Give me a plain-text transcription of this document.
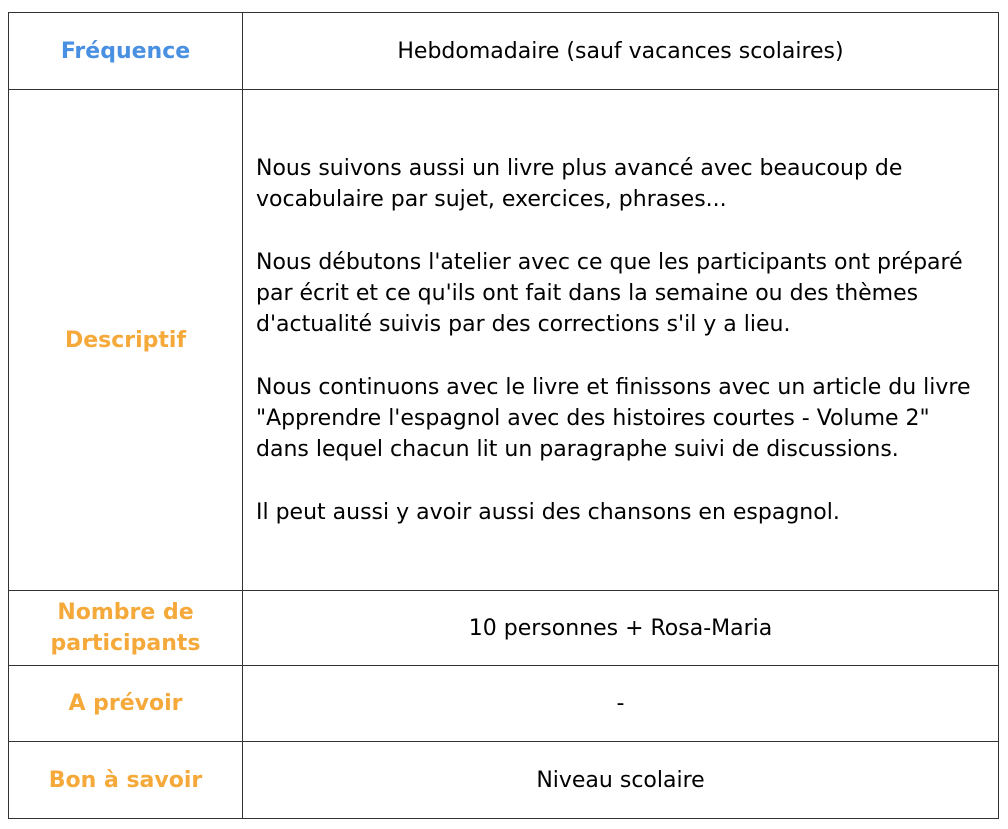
Fréquence	Hebdomadaire (sauf vacances scolaires)
Descriptif	Nous suivons aussi un livre plus avancé avec beaucoup de vocabulaire par sujet, exercices, phrases...

Nous débutons l'atelier avec ce que les participants ont préparé par écrit et ce qu'ils ont fait dans la semaine ou des thèmes d'actualité suivis par des corrections s'il y a lieu.

Nous continuons avec le livre et finissons avec un article du livre "Apprendre l'espagnol avec des histoires courtes - Volume 2" dans lequel chacun lit un paragraphe suivi de discussions.

Il peut aussi y avoir aussi des chansons en espagnol.

Nombre de participants	10 personnes + Rosa-Maria
A prévoir	-
Bon à savoir	Niveau scolaire
